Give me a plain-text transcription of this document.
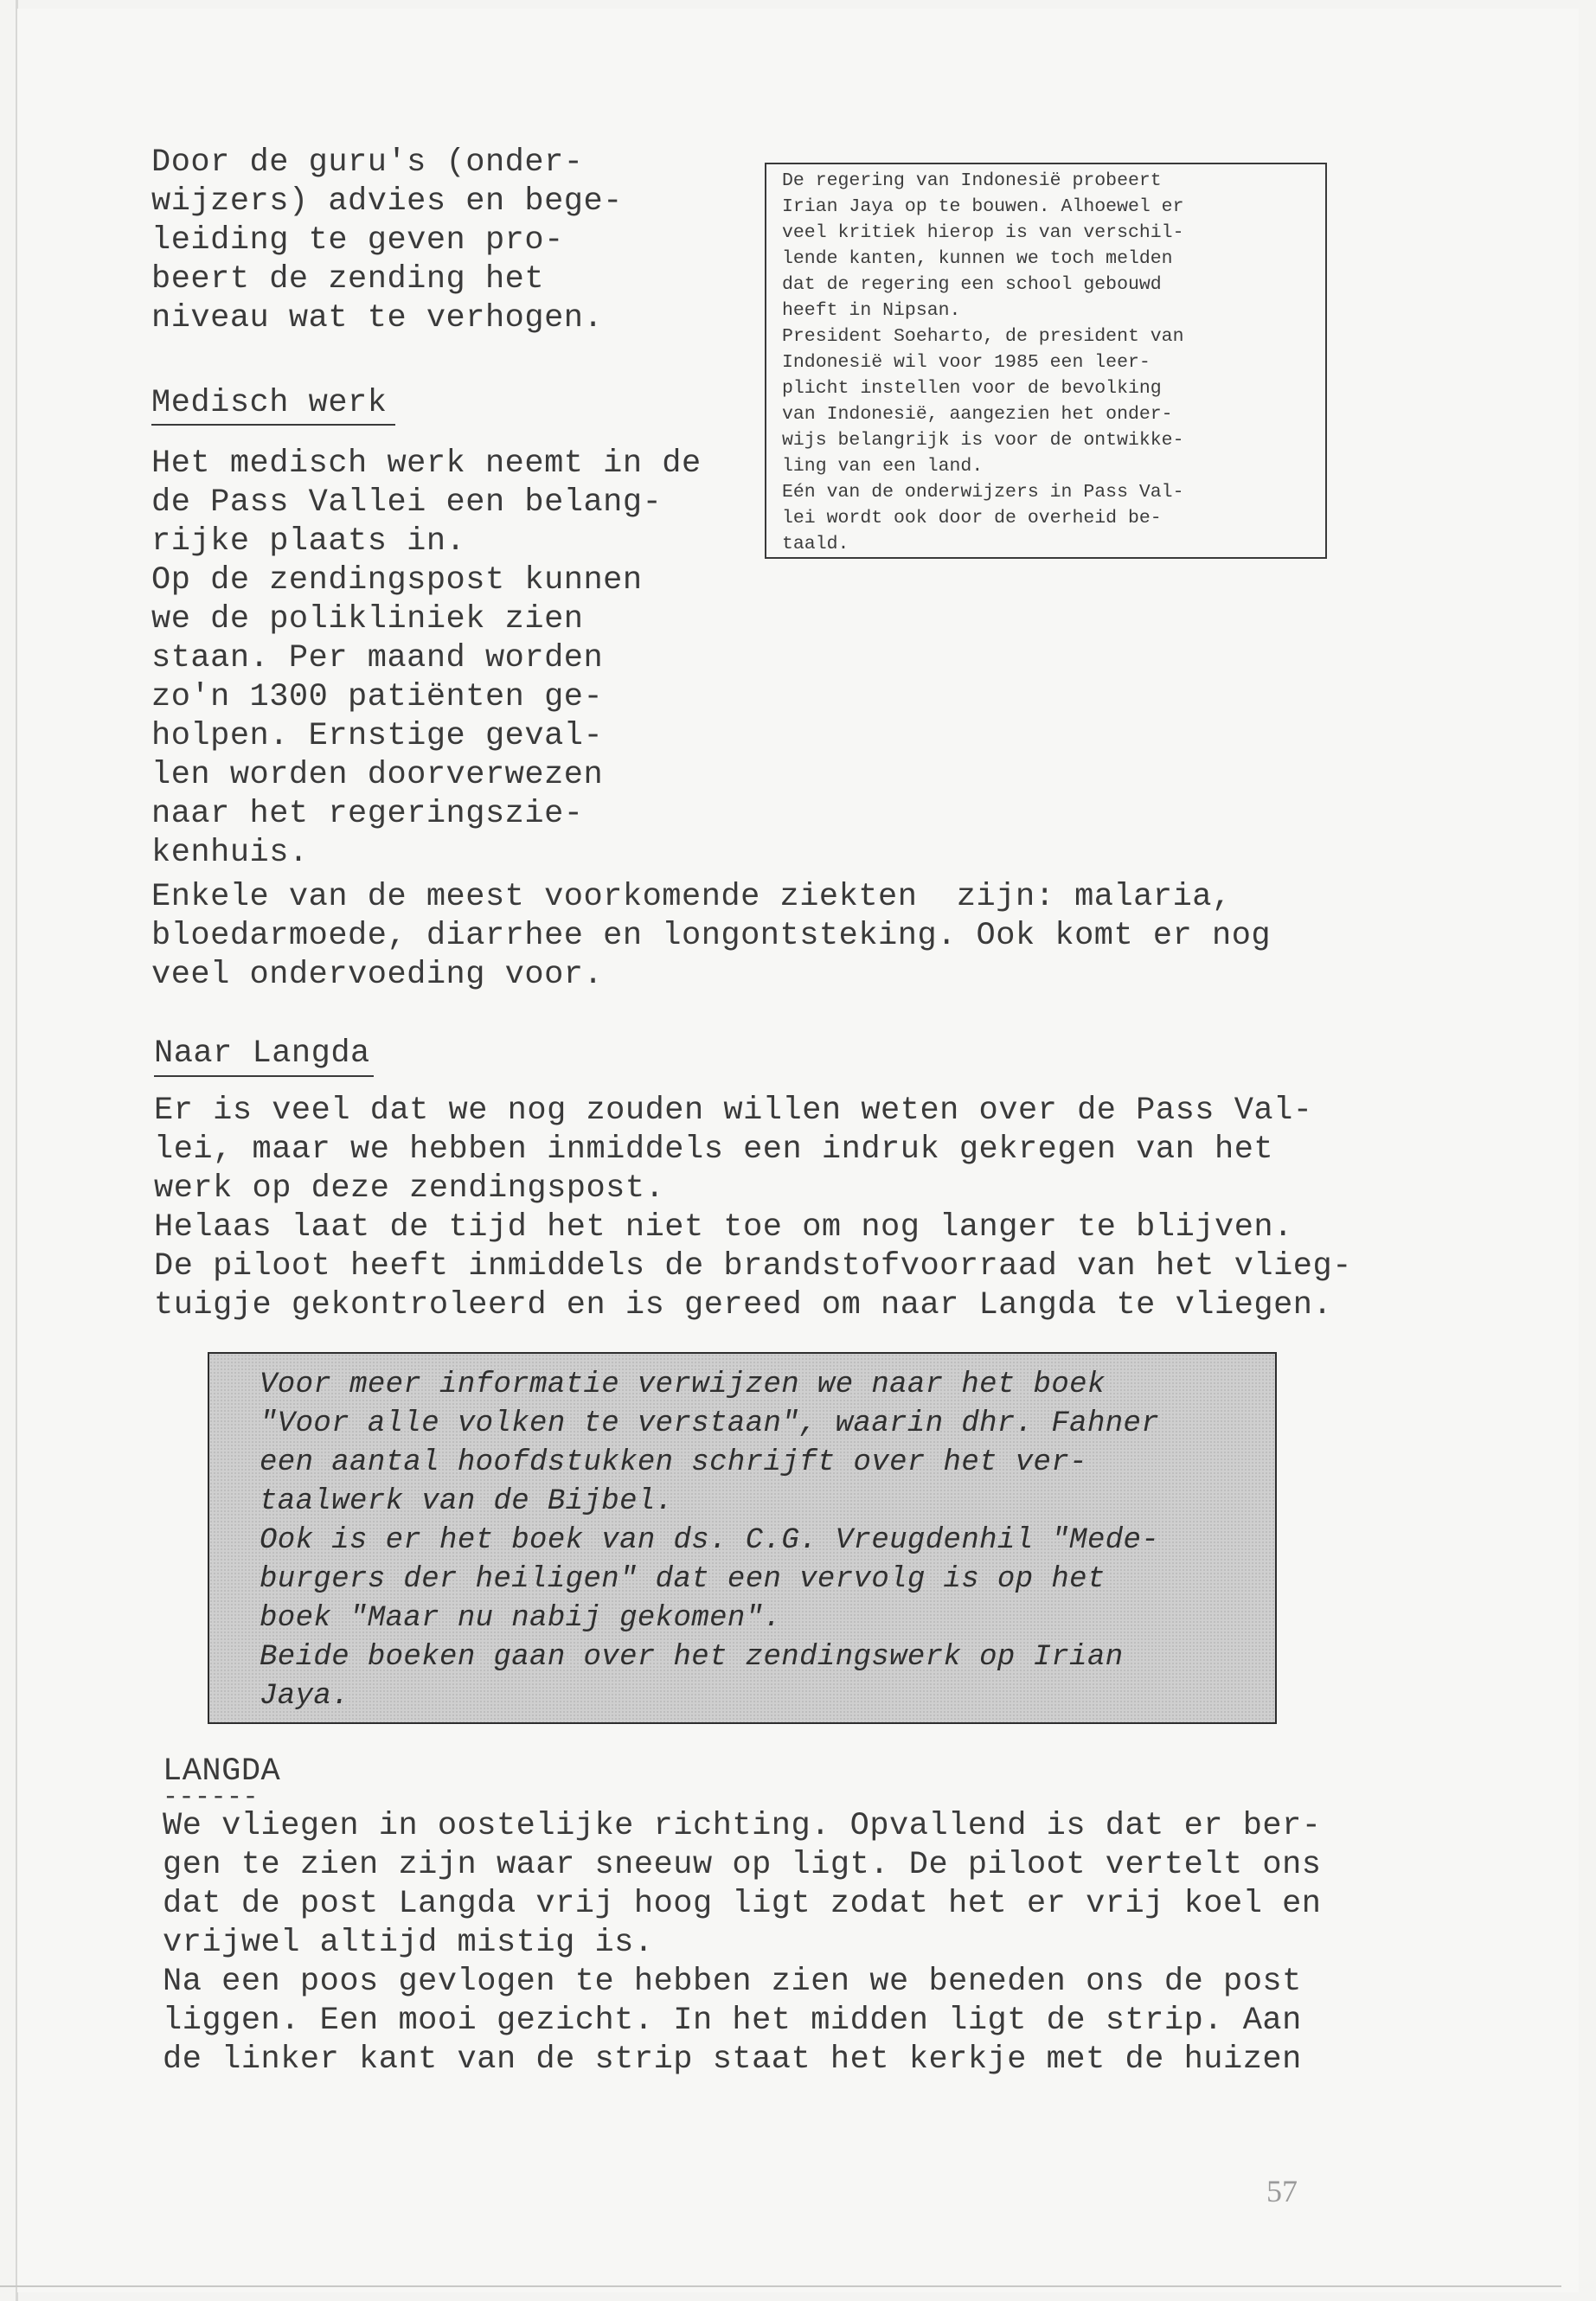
Door de guru's (onder-
wijzers) advies en bege-
leiding te geven pro-
beert de zending het
niveau wat te verhogen.
De regering van Indonesië probeert
Irian Jaya op te bouwen. Alhoewel er
veel kritiek hierop is van verschil-
lende kanten, kunnen we toch melden
dat de regering een school gebouwd
heeft in Nipsan.
President Soeharto, de president van
Indonesië wil voor 1985 een leer-
plicht instellen voor de bevolking
van Indonesië, aangezien het onder-
wijs belangrijk is voor de ontwikke-
ling van een land.
Eén van de onderwijzers in Pass Val-
lei wordt ook door de overheid be-
taald.
Medisch werk
Het medisch werk neemt in de
de Pass Vallei een belang-
rijke plaats in.
Op de zendingspost kunnen
we de polikliniek zien
staan. Per maand worden
zo'n 1300 patiënten ge-
holpen. Ernstige geval-
len worden doorverwezen
naar het regeringszie-
kenhuis.
Enkele van de meest voorkomende ziekten  zijn: malaria,
bloedarmoede, diarrhee en longontsteking. Ook komt er nog
veel ondervoeding voor.
Naar Langda
Er is veel dat we nog zouden willen weten over de Pass Val-
lei, maar we hebben inmiddels een indruk gekregen van het
werk op deze zendingspost.
Helaas laat de tijd het niet toe om nog langer te blijven.
De piloot heeft inmiddels de brandstofvoorraad van het vlieg-
tuigje gekontroleerd en is gereed om naar Langda te vliegen.
Voor meer informatie verwijzen we naar het boek
"Voor alle volken te verstaan", waarin dhr. Fahner
een aantal hoofdstukken schrijft over het ver-
taalwerk van de Bijbel.
Ook is er het boek van ds. C.G. Vreugdenhil "Mede-
burgers der heiligen" dat een vervolg is op het
boek "Maar nu nabij gekomen".
Beide boeken gaan over het zendingswerk op Irian
Jaya.
LANGDA
------
We vliegen in oostelijke richting. Opvallend is dat er ber-
gen te zien zijn waar sneeuw op ligt. De piloot vertelt ons
dat de post Langda vrij hoog ligt zodat het er vrij koel en
vrijwel altijd mistig is.
Na een poos gevlogen te hebben zien we beneden ons de post
liggen. Een mooi gezicht. In het midden ligt de strip. Aan
de linker kant van de strip staat het kerkje met de huizen
57
